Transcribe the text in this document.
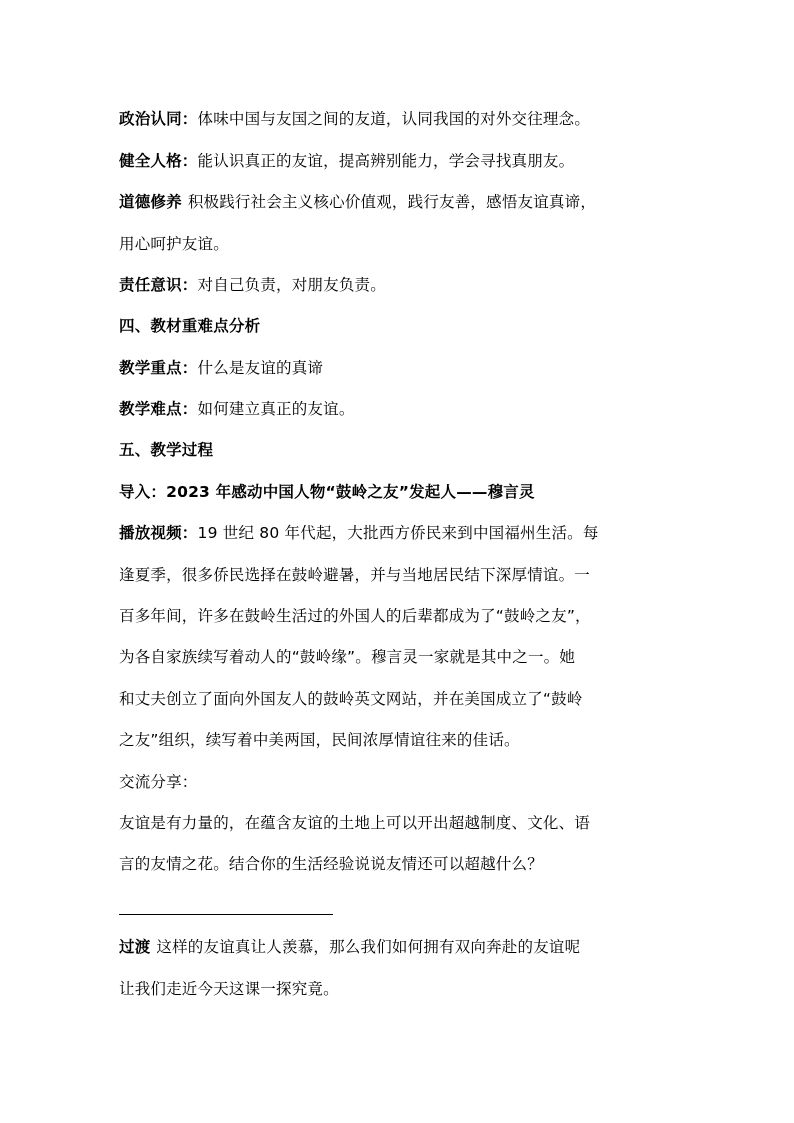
政治认同：体味中国与友国之间的友道，认同我国的对外交往理念。
健全人格：能认识真正的友谊，提高辨别能力，学会寻找真朋友。
道德修养 积极践行社会主义核心价值观，践行友善，感悟友谊真谛，
用心呵护友谊。
责任意识：对自己负责，对朋友负责。
四、教材重难点分析
教学重点：什么是友谊的真谛
教学难点：如何建立真正的友谊。
五、教学过程
导入：2023 年感动中国人物“鼓岭之友”发起人——穆言灵
播放视频：19 世纪 80 年代起，大批西方侨民来到中国福州生活。每
逢夏季，很多侨民选择在鼓岭避暑，并与当地居民结下深厚情谊。一
百多年间，许多在鼓岭生活过的外国人的后辈都成为了“鼓岭之友”，
为各自家族续写着动人的“鼓岭缘”。穆言灵一家就是其中之一。她
和丈夫创立了面向外国友人的鼓岭英文网站，并在美国成立了“鼓岭
之友”组织，续写着中美两国，民间浓厚情谊往来的佳话。
交流分享：
友谊是有力量的，在蕴含友谊的土地上可以开出超越制度、文化、语
言的友情之花。结合你的生活经验说说友情还可以超越什么？
过渡 这样的友谊真让人羡慕，那么我们如何拥有双向奔赴的友谊呢
让我们走近今天这课一探究竟。
